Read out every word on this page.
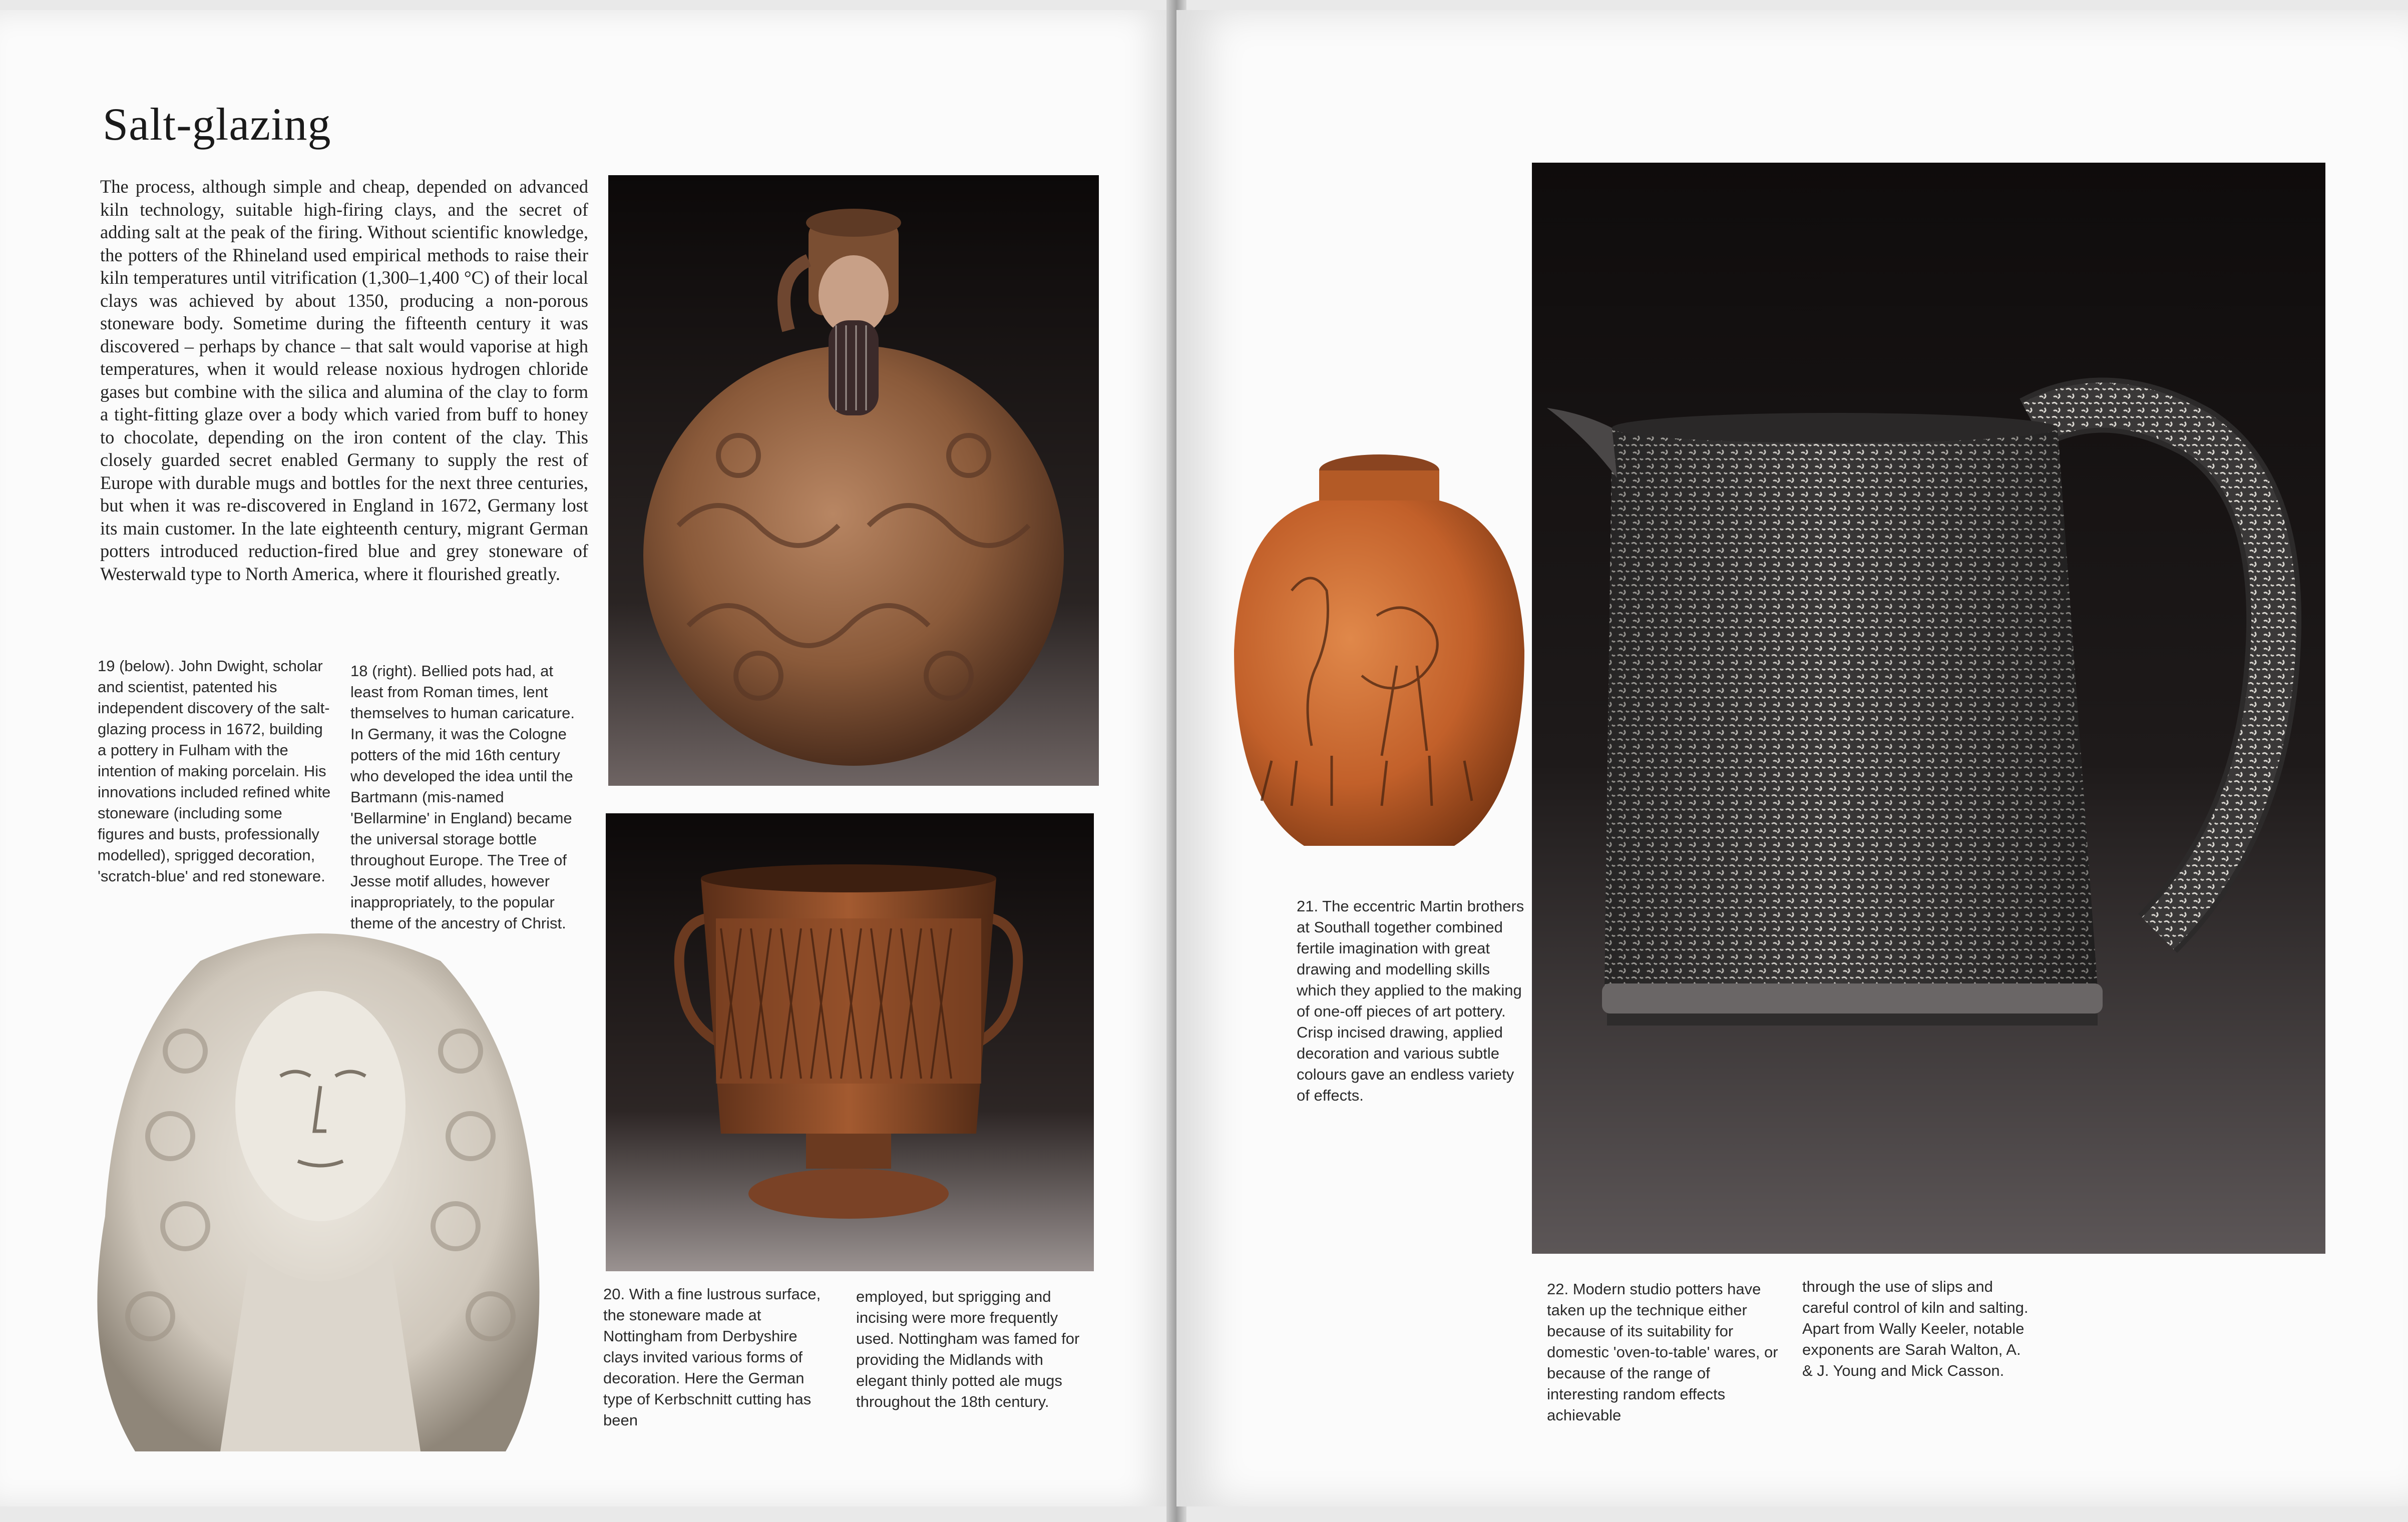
Salt-glazing

The process, although simple and cheap, depended on advanced kiln technology, suitable high-firing clays, and the secret of adding salt at the peak of the firing. Without scientific knowledge, the potters of the Rhineland used empirical methods to raise their kiln temperatures until vitrification (1,300–1,400 °C) of their local clays was achieved by about 1350, producing a non-porous stoneware body. Sometime during the fifteenth century it was discovered – perhaps by chance – that salt would vaporise at high temperatures, when it would release noxious hydrogen chloride gases but combine with the silica and alumina of the clay to form a tight-fitting glaze over a body which varied from buff to honey to chocolate, depending on the iron content of the clay. This closely guarded secret enabled Germany to supply the rest of Europe with durable mugs and bottles for the next three centuries, but when it was re-discovered in England in 1672, Germany lost its main customer. In the late eighteenth century, migrant German potters introduced reduction-fired blue and grey stoneware of Westerwald type to North America, where it flourished greatly.

19 (below). John Dwight, scholar and scientist, patented his independent discovery of the salt-glazing process in 1672, building a pottery in Fulham with the intention of making porcelain. His innovations included refined white stoneware (including some figures and busts, professionally modelled), sprigged decoration, 'scratch-blue' and red stoneware.

18 (right). Bellied pots had, at least from Roman times, lent themselves to human caricature. In Germany, it was the Cologne potters of the mid 16th century who developed the idea until the Bartmann (mis-named 'Bellarmine' in England) became the universal storage bottle throughout Europe. The Tree of Jesse motif alludes, however inappropriately, to the popular theme of the ancestry of Christ.

20. With a fine lustrous surface, the stoneware made at Nottingham from Derbyshire clays invited various forms of decoration. Here the German type of Kerbschnitt cutting has been

employed, but sprigging and incising were more frequently used. Nottingham was famed for providing the Midlands with elegant thinly potted ale mugs throughout the 18th century.

21. The eccentric Martin brothers at Southall together combined fertile imagination with great drawing and modelling skills which they applied to the making of one-off pieces of art pottery. Crisp incised drawing, applied decoration and various subtle colours gave an endless variety of effects.

22. Modern studio potters have taken up the technique either because of its suitability for domestic 'oven-to-table' wares, or because of the range of interesting random effects achievable

through the use of slips and careful control of kiln and salting. Apart from Wally Keeler, notable exponents are Sarah Walton, A. & J. Young and Mick Casson.
